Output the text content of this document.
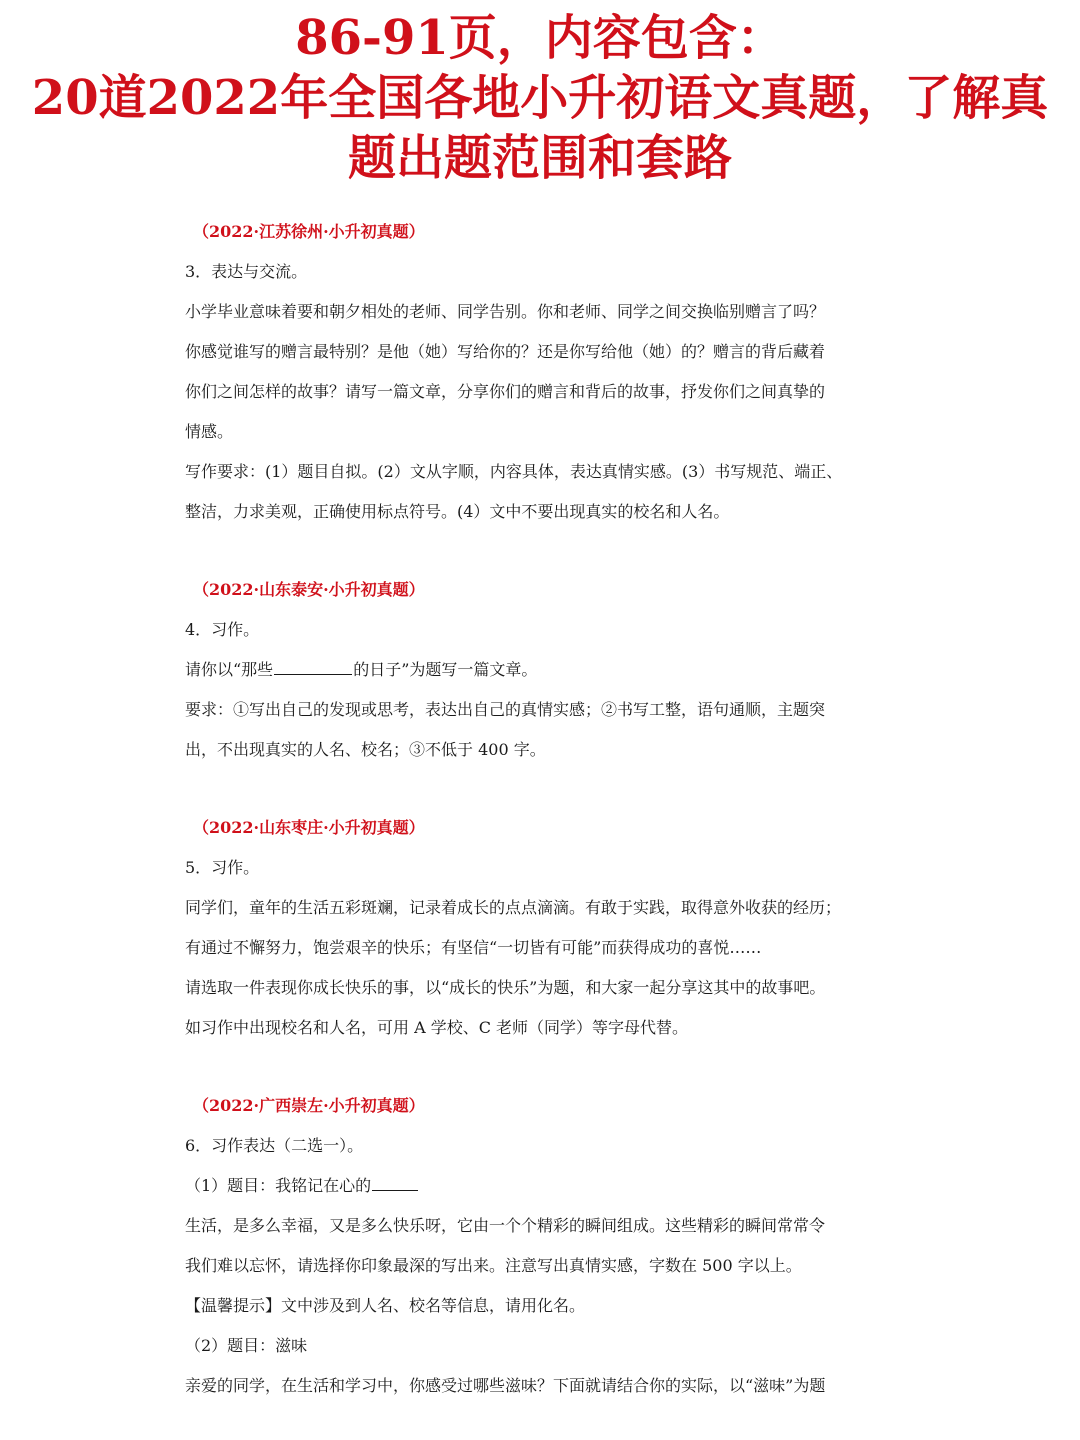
86-91页，内容包含：
20道2022年全国各地小升初语文真题，了解真
题出题范围和套路
（2022·江苏徐州·小升初真题）
3．表达与交流。
小学毕业意味着要和朝夕相处的老师、同学告别。你和老师、同学之间交换临别赠言了吗？
你感觉谁写的赠言最特别？是他（她）写给你的？还是你写给他（她）的？赠言的背后藏着
你们之间怎样的故事？请写一篇文章，分享你们的赠言和背后的故事，抒发你们之间真挚的
情感。
写作要求：(1）题目自拟。(2）文从字顺，内容具体，表达真情实感。(3）书写规范、端正、
整洁，力求美观，正确使用标点符号。(4）文中不要出现真实的校名和人名。
（2022·山东泰安·小升初真题）
4．习作。
请你以“那些	的日子”为题写一篇文章。
要求：①写出自己的发现或思考，表达出自己的真情实感；②书写工整，语句通顺，主题突
出，不出现真实的人名、校名；③不低于 400 字。
（2022·山东枣庄·小升初真题）
5．习作。
同学们，童年的生活五彩斑斓，记录着成长的点点滴滴。有敢于实践，取得意外收获的经历；
有通过不懈努力，饱尝艰辛的快乐；有坚信“一切皆有可能”而获得成功的喜悦……
请选取一件表现你成长快乐的事，以“成长的快乐”为题，和大家一起分享这其中的故事吧。
如习作中出现校名和人名，可用 A 学校、C 老师（同学）等字母代替。
（2022·广西崇左·小升初真题）
6．习作表达（二选一）。
（1）题目：我铭记在心的
生活，是多么幸福，又是多么快乐呀，它由一个个精彩的瞬间组成。这些精彩的瞬间常常令
我们难以忘怀，请选择你印象最深的写出来。注意写出真情实感，字数在 500 字以上。
【温馨提示】文中涉及到人名、校名等信息，请用化名。
（2）题目：滋味
亲爱的同学，在生活和学习中，你感受过哪些滋味？下面就请结合你的实际，以“滋味”为题
